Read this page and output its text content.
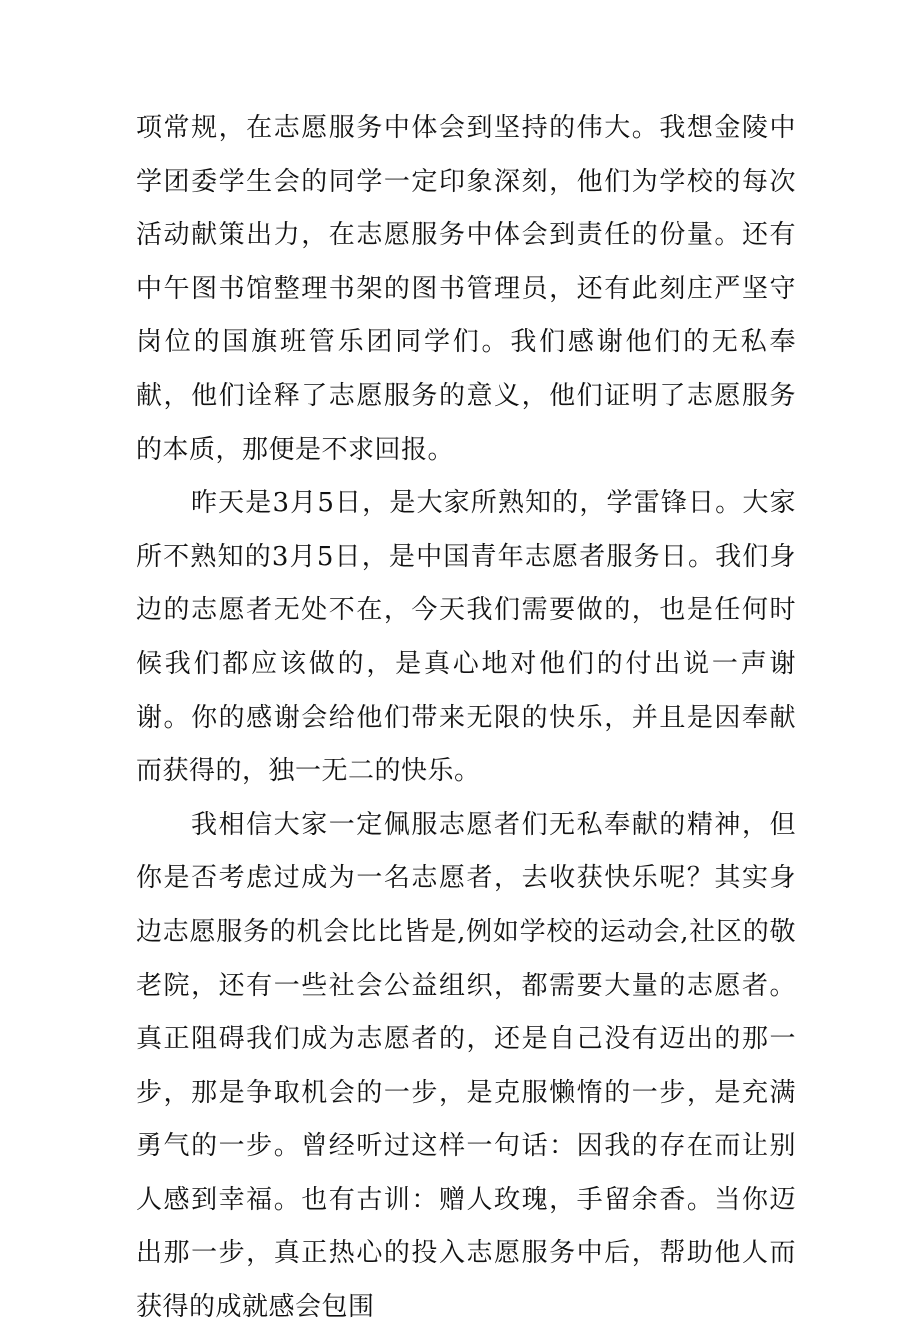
项常规，在志愿服务中体会到坚持的伟大。我想金陵中学团委学生会的同学一定印象深刻，他们为学校的每次活动献策出力，在志愿服务中体会到责任的份量。还有中午图书馆整理书架的图书管理员，还有此刻庄严坚守岗位的国旗班管乐团同学们。我们感谢他们的无私奉献，他们诠释了志愿服务的意义，他们证明了志愿服务的本质，那便是不求回报。

昨天是3月5日，是大家所熟知的，学雷锋日。大家所不熟知的3月5日，是中国青年志愿者服务日。我们身边的志愿者无处不在，今天我们需要做的，也是任何时候我们都应该做的，是真心地对他们的付出说一声谢谢。你的感谢会给他们带来无限的快乐，并且是因奉献而获得的，独一无二的快乐。

我相信大家一定佩服志愿者们无私奉献的精神，但你是否考虑过成为一名志愿者，去收获快乐呢？其实身边志愿服务的机会比比皆是,例如学校的运动会,社区的敬老院，还有一些社会公益组织，都需要大量的志愿者。真正阻碍我们成为志愿者的，还是自己没有迈出的那一步，那是争取机会的一步，是克服懒惰的一步，是充满勇气的一步。曾经听过这样一句话：因我的存在而让别人感到幸福。也有古训：赠人玫瑰，手留余香。当你迈出那一步，真正热心的投入志愿服务中后，帮助他人而获得的成就感会包围
